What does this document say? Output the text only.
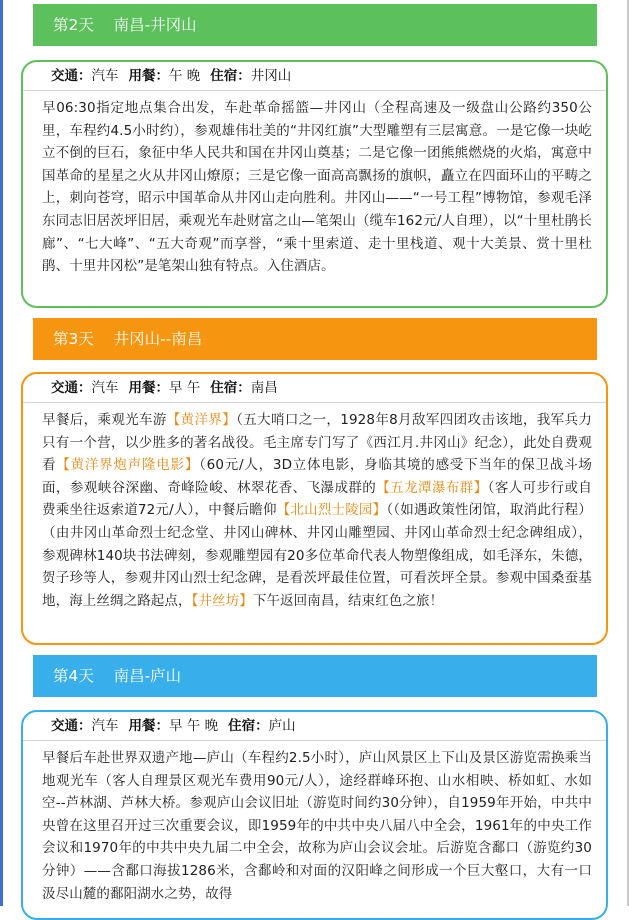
第2天    南昌-井冈山
交通：汽车 用餐：午 晚 住宿：井冈山
早06:30指定地点集合出发，车赴革命摇篮—井冈山（全程高速及一级盘山公路约350公里，车程约4.5小时约），参观雄伟壮美的“井冈红旗”大型雕塑有三层寓意。一是它像一块屹立不倒的巨石，象征中华人民共和国在井冈山奠基；二是它像一团熊熊燃烧的火焰，寓意中国革命的星星之火从井冈山燎原；三是它像一面高高飘扬的旗帜，矗立在四面环山的平畴之上，刺向苍穹，昭示中国革命从井冈山走向胜利。井冈山——“一号工程”博物馆，参观毛泽东同志旧居茨坪旧居，乘观光车赴财富之山—笔架山（缆车162元/人自理），以“十里杜鹃长廊”、“七大峰”、“五大奇观”而享誉，“乘十里索道、走十里栈道、观十大美景、赏十里杜鹃、十里井冈松”是笔架山独有特点。入住酒店。
第3天    井冈山--南昌
交通：汽车 用餐：早 午 住宿：南昌
早餐后，乘观光车游【黄洋界】（五大哨口之一，1928年8月敌军四团攻击该地，我军兵力只有一个营，以少胜多的著名战役。毛主席专门写了《西江月.井冈山》纪念），此处自费观看【黄洋界炮声隆电影】（60元/人，3D立体电影，身临其境的感受下当年的保卫战斗场面，参观峡谷深幽、奇峰险峻、林翠花香、飞瀑成群的【五龙潭瀑布群】（客人可步行或自费乘坐往返索道72元/人），中餐后瞻仰【北山烈士陵园】（（如遇政策性闭馆，取消此行程）（由井冈山革命烈士纪念堂、井冈山碑林、井冈山雕塑园、井冈山革命烈士纪念碑组成），参观碑林140块书法碑刻，参观雕塑园有20多位革命代表人物塑像组成，如毛泽东，朱德，贺子珍等人，参观井冈山烈士纪念碑，是看茨坪最佳位置，可看茨坪全景。参观中国桑蚕基地，海上丝绸之路起点，【井丝坊】下午返回南昌，结束红色之旅！
第4天    南昌-庐山
交通：汽车 用餐：早 午 晚 住宿：庐山
早餐后车赴世界双遗产地—庐山（车程约2.5小时），庐山风景区上下山及景区游览需换乘当地观光车（客人自理景区观光车费用90元/人），途经群峰环抱、山水相映、桥如虹、水如空--芦林湖、芦林大桥。参观庐山会议旧址（游览时间约30分钟），自1959年开始，中共中央曾在这里召开过三次重要会议，即1959年的中共中央八届八中全会，1961年的中央工作会议和1970年的中共中央九届二中全会，故称为庐山会议会址。后游览含鄱口（游览约30分钟）——含鄱口海拔1286米，含鄱岭和对面的汉阳峰之间形成一个巨大壑口，大有一口汲尽山麓的鄱阳湖水之势，故得
